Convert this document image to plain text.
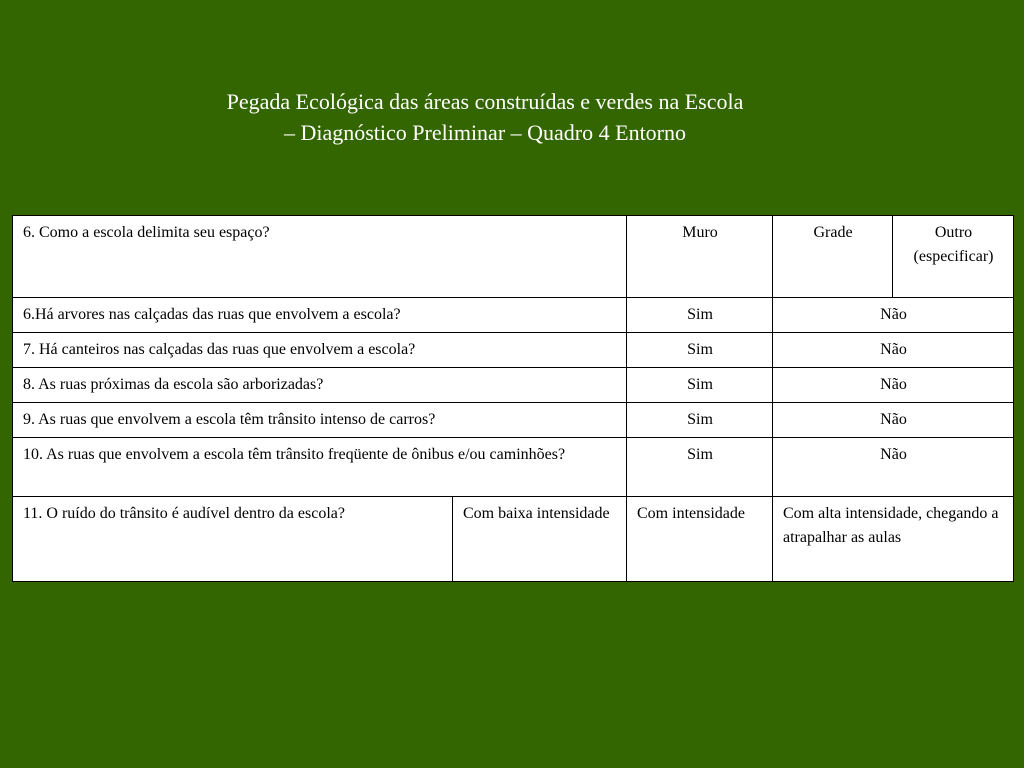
Pegada Ecológica das áreas construídas e verdes na Escola
– Diagnóstico Preliminar – Quadro 4 Entorno
6. Como a escola delimita seu espaço?		Muro	Grade	Outro (especificar)
6.Há arvores nas calçadas das ruas que envolvem a escola?		Sim	Não	
7. Há canteiros nas calçadas das ruas que envolvem a escola?		Sim	Não	
8. As ruas próximas da escola são arborizadas?		Sim	Não	
9. As ruas que envolvem a escola têm trânsito intenso de carros?		Sim	Não	
10. As ruas que envolvem a escola têm trânsito freqüente de ônibus e/ou caminhões?		Sim	Não	
11. O ruído do trânsito é audível dentro da escola?	Com baixa intensidade	Com intensidade	Com alta intensidade, chegando a atrapalhar as aulas	
